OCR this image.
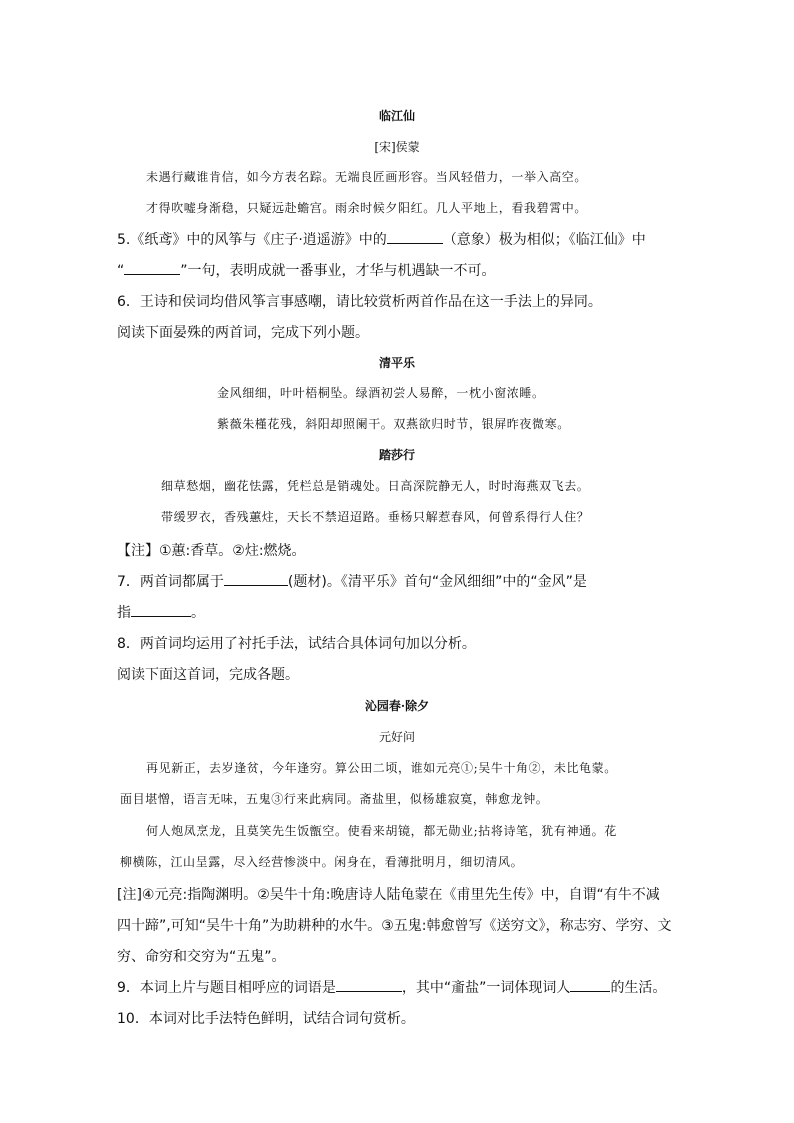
临江仙
[宋]侯蒙
未遇行藏谁肯信，如今方表名踪。无端良匠画形容。当风轻借力，一举入高空。
才得吹嘘身渐稳，只疑远赴蟾宫。雨余时候夕阳红。几人平地上，看我碧霄中。
5.《纸鸢》中的风筝与《庄子·逍遥游》中的	（意象）极为相似；《临江仙》中
“	”一句，表明成就一番事业，才华与机遇缺一不可。
6．王诗和侯词均借风筝言事感嘲，请比较赏析两首作品在这一手法上的异同。
阅读下面晏殊的两首词，完成下列小题。
清平乐
金风细细，叶叶梧桐坠。绿酒初尝人易醉，一枕小窗浓睡。
紫薇朱槿花残，斜阳却照阑干。双燕欲归时节，银屏昨夜微寒。
踏莎行
细草愁烟，幽花怯露，凭栏总是销魂处。日高深院静无人，时时海燕双飞去。
带缓罗衣，香残蕙炷，天长不禁迢迢路。垂杨只解惹春风，何曾系得行人住？
【注】①蕙:香草。②炷:燃烧。
7．两首词都属于	(题材)。《清平乐》首句“金风细细”中的“金风”是
指	。
8．两首词均运用了衬托手法，试结合具体词句加以分析。
阅读下面这首词，完成各题。
沁园春·除夕
元好问
再见新正，去岁逢贫，今年逢穷。算公田二顷，谁如元亮①;吴牛十角②，未比龟蒙。
面目堪憎，语言无味，五鬼③行来此病同。斋盐里，似杨雄寂寞，韩愈龙钟。
何人炮凤烹龙，且莫笑先生饭甑空。使看来胡镜，都无勋业;拈将诗笔，犹有神通。花
柳横陈，江山呈露，尽入经营惨淡中。闲身在，看薄批明月，细切清风。
[注]④元亮:指陶渊明。②吴牛十角:晚唐诗人陆龟蒙在《甫里先生传》中，自谓“有牛不减
四十蹄”,可知“吴牛十角”为助耕种的水牛。③五鬼:韩愈曾写《送穷文》，称志穷、学穷、文
穷、命穷和交穷为“五鬼”。
9．本词上片与题目相呼应的词语是	，其中“齑盐”一词体现词人	的生活。
10．本词对比手法特色鲜明，试结合词句赏析。
